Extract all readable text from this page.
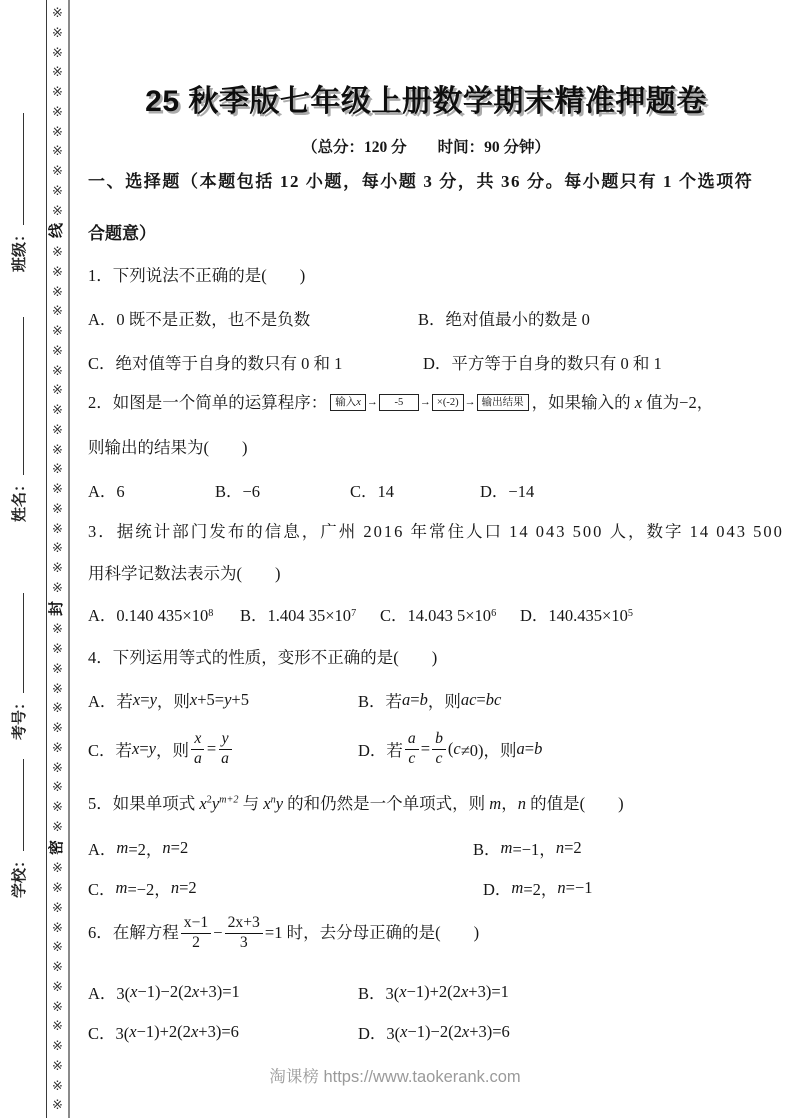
班级：
姓名：
考号：
学校：
※
※
※
※
※
※
※
※
※
※
※
线
※
※
※
※
※
※
※
※
※
※
※
※
※
※
※
※
※
※
封
※
※
※
※
※
※
※
※
※
※
※
密
※
※
※
※
※
※
※
※
※
※
※
※
※
25 秋季版七年级上册数学期末精准押题卷
（总分：120 分　　时间：90 分钟）
一、选择题（本题包括 12 小题，每小题 3 分，共 36 分。每小题只有 1 个选项符
合题意）
1．下列说法不正确的是(　　)
A．0 既不是正数，也不是负数	B．绝对值最小的数是 0
C．绝对值等于自身的数只有 0 和 1	D．平方等于自身的数只有 0 和 1
2．如图是一个简单的运算程序： 输入x → -5 → ×(-2) → 输出结果 ，如果输入的 x 值为−2，
则输出的结果为(　　)
A．6	B．−6	C．14	D．−14
3．据统计部门发布的信息，广州 2016 年常住人口 14 043 500 人，数字 14 043 500
用科学记数法表示为(　　)
A．0.140 435×10 8 B．1.404 35×10 7 C．14.043 5×10 6 D．140.435×10 5
4．下列运用等式的性质，变形不正确的是(　　)
A．若 x = y ，则 x +5= y +5	B．若 a = b ，则 ac = bc
C．若 x = y ，则 $\frac{x}{a} = \frac{y}{a}$	D．若 $\frac{a}{c} = \frac{b}{c}$ ( c ≠0)，则 a = b
5．如果单项式 $x^2y^{m+2}$ 与 $x^ny$ 的和仍然是一个单项式，则 m，n 的值是(　　)
A． m =2， n =2	B． m =−1， n =2
C． m =−2， n =2	D． m =2， n =−1
6．在解方程 $\frac{x-1}{2} - \frac{2x+3}{3} =1$ 时，去分母正确的是(　　)
A．3( x −1)−2(2 x +3)=1	B．3( x −1)+2(2 x +3)=1
C．3( x −1)+2(2 x +3)=6	D．3( x −1)−2(2 x +3)=6
淘课榜 https://www.taokerank.com
